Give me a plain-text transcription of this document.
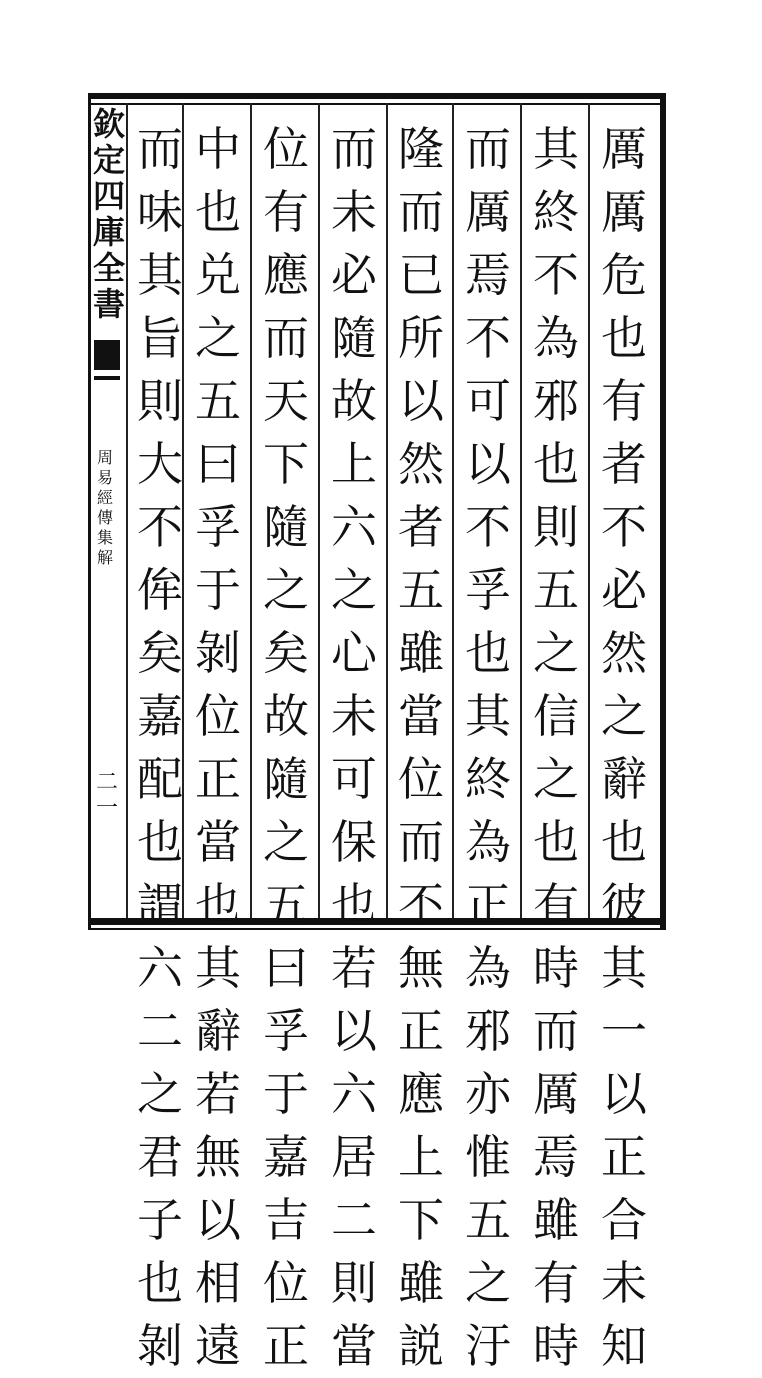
欽
定
四
庫
全
書
周
易
經
傳
集
解
二一
厲
厲
危
也
有
者
不
必
然
之
辭
也
彼
其
一
以
正
合
未
知
其
終
不
為
邪
也
則
五
之
信
之
也
有
時
而
厲
焉
雖
有
時
而
厲
焉
不
可
以
不
孚
也
其
終
為
正
為
邪
亦
惟
五
之
汙
隆
而
已
所
以
然
者
五
雖
當
位
而
不
無
正
應
上
下
雖
説
而
未
必
隨
故
上
六
之
心
未
可
保
也
若
以
六
居
二
則
當
位
有
應
而
天
下
隨
之
矣
故
隨
之
五
曰
孚
于
嘉
吉
位
正
中
也
兑
之
五
曰
孚
于
剝
位
正
當
也
其
辭
若
無
以
相
遠
而
味
其
旨
則
大
不
侔
矣
嘉
配
也
謂
六
二
之
君
子
也
剝
